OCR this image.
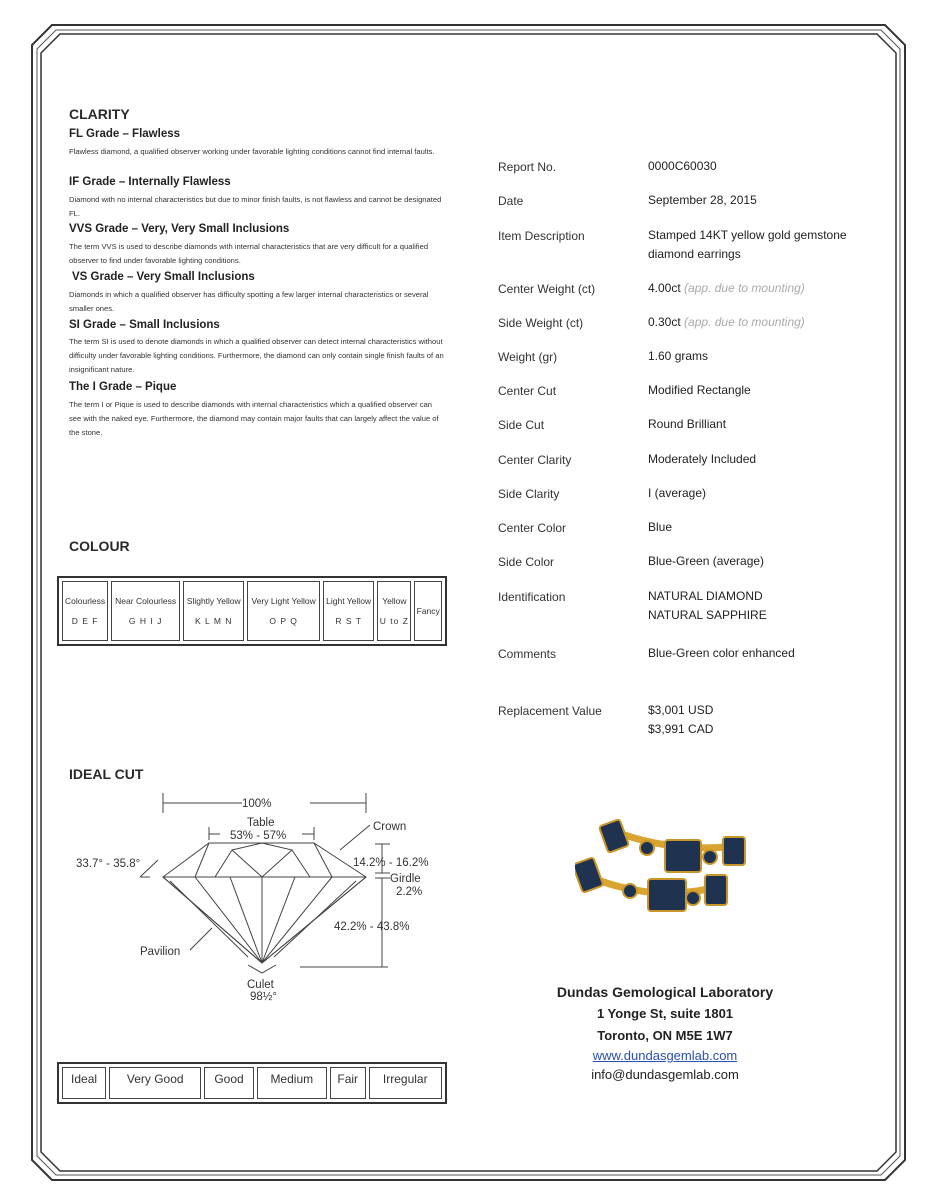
CLARITY
FL Grade – Flawless
Flawless diamond, a qualified observer working under favorable lighting conditions cannot find internal faults.
IF Grade – Internally Flawless
Diamond with no internal characteristics but due to minor finish faults, is not flawless and cannot be designated FL.
VVS Grade – Very, Very Small Inclusions
The term VVS is used to describe diamonds with internal characteristics that are very difficult for a qualified observer to find under favorable lighting conditions.
VS Grade – Very Small Inclusions
Diamonds in which a qualified observer has difficulty spotting a few larger internal characteristics or several smaller ones.
SI Grade – Small Inclusions
The term SI is used to denote diamonds in which a qualified observer can detect internal characteristics without difficulty under favorable lighting conditions. Furthermore, the diamond can only contain single finish faults of an insignificant nature.
The I Grade – Pique
The term I or Pique is used to describe diamonds with internal characteristics which a qualified observer can see with the naked eye. Furthermore, the diamond may contain major faults that can largely affect the value of the stone.
COLOUR
Colourless
D E F

Near Colourless
G H I J

Slightly Yellow
K L M N

Very Light Yellow
O P Q

Light Yellow
R S T

Yellow
U to Z

Fancy
IDEAL CUT
100%
Table
53% - 57%
Crown
33.7° - 35.8°	14.2% - 16.2%
Girdle
2.2%
42.2% - 43.8%
Pavilion
Culet
98½°
Ideal	Very Good	Good	Medium	Fair	Irregular
Report No.	0000C60030
Date	September 28, 2015
Item Description	Stamped 14KT yellow gold gemstone
diamond earrings
Center Weight (ct)	4.00ct (app. due to mounting)
Side Weight (ct)	0.30ct (app. due to mounting)
Weight (gr)	1.60 grams
Center Cut	Modified Rectangle
Side Cut	Round Brilliant
Center Clarity	Moderately Included
Side Clarity	I (average)
Center Color	Blue
Side Color	Blue-Green (average)
Identification	NATURAL DIAMOND
NATURAL SAPPHIRE
Comments	Blue-Green color enhanced
Replacement Value	$3,001 USD
$3,991 CAD
Dundas Gemological Laboratory
1 Yonge St, suite 1801
Toronto, ON M5E 1W7
www.dundasgemlab.com
info@dundasgemlab.com
